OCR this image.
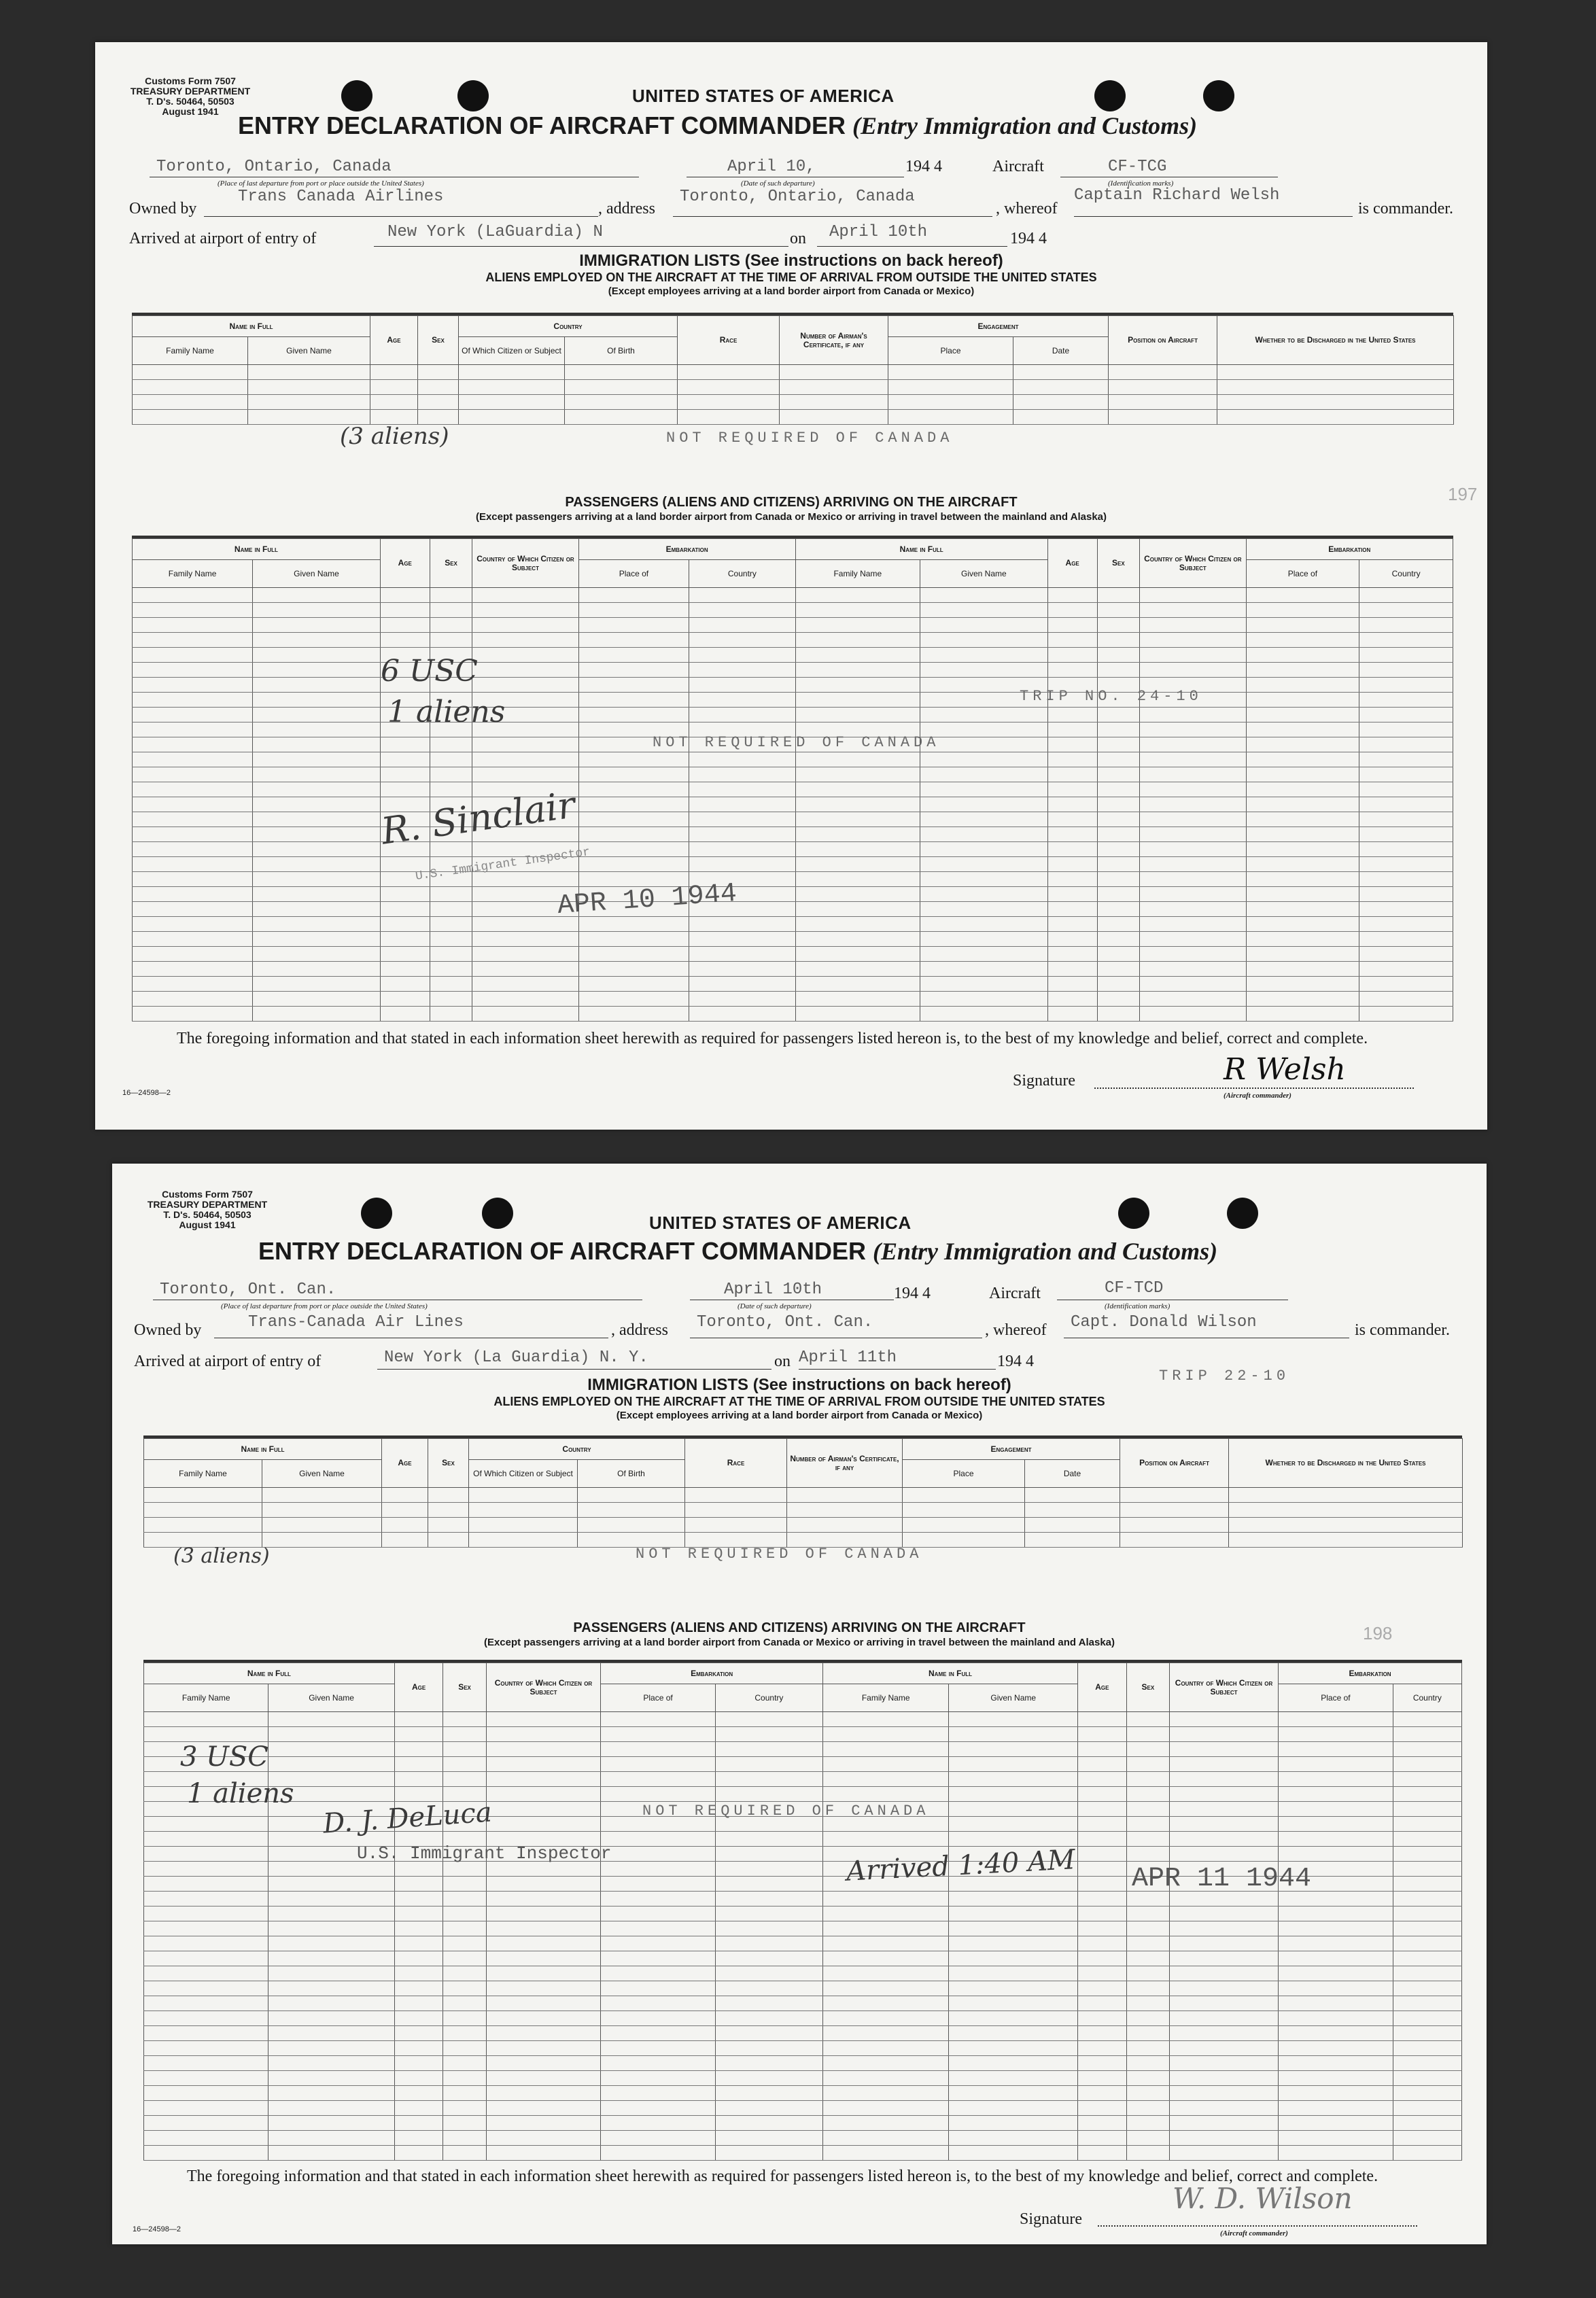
Customs Form 7507
TREASURY DEPARTMENT
T. D's. 50464, 50503
August 1941
UNITED STATES OF AMERICA
ENTRY DECLARATION OF AIRCRAFT COMMANDER (Entry Immigration and Customs)
Toronto, Ontario, Canada
(Place of last departure from port or place outside the United States)
April 10,
(Date of such departure)
194 4	Aircraft	CF-TCG
(Identification marks)
Owned by
Trans Canada Airlines
, address
Toronto, Ontario, Canada
, whereof
Captain Richard Welsh
is commander.
Arrived at airport of entry of	New York (LaGuardia) N	on April 10th	194 4
IMMIGRATION LISTS (See instructions on back hereof)
ALIENS EMPLOYED ON THE AIRCRAFT AT THE TIME OF ARRIVAL FROM OUTSIDE THE UNITED STATES
(Except employees arriving at a land border airport from Canada or Mexico)
Name in Full		Age	Sex	Country		Race	Number of Airman's Certificate, if any	Engagement		Position on Aircraft	Whether to be Discharged in the United States
Family Name	Given Name			Of Which Citizen or Subject	Of Birth			Place	Date		

(3 aliens)	NOT REQUIRED OF CANADA
197
PASSENGERS (ALIENS AND CITIZENS) ARRIVING ON THE AIRCRAFT
(Except passengers arriving at a land border airport from Canada or Mexico or arriving in travel between the mainland and Alaska)
Name in Full		Age	Sex	Country of Which Citizen or Subject	Embarkation		Name in Full		Age	Sex	Country of Which Citizen or Subject	Embarkation	
Family Name	Given Name				Place of	Country	Family Name	Given Name				Place of	Country

6 USC
1 aliens
NOT REQUIRED OF CANADA
TRIP NO. 24-10
R. Sinclair
U.S. Immigrant Inspector
APR 10 1944
The foregoing information and that stated in each information sheet herewith as required for passengers listed hereon is, to the best of my knowledge and belief, correct and complete.
16—24598—2
Signature	R Welsh
(Aircraft commander)
Customs Form 7507
TREASURY DEPARTMENT
T. D's. 50464, 50503
August 1941	UNITED STATES OF AMERICA
ENTRY DECLARATION OF AIRCRAFT COMMANDER (Entry Immigration and Customs)
Toronto, Ont. Can.
(Place of last departure from port or place outside the United States)
April 10th
(Date of such departure)
194 4	Aircraft	CF-TCD
(Identification marks)
Owned by	Trans-Canada Air Lines	, address Toronto, Ont. Can.	, whereof Capt. Donald Wilson	is commander.
Arrived at airport of entry of	New York (La Guardia) N. Y.	on April 11th	194 4
TRIP 22-10
IMMIGRATION LISTS (See instructions on back hereof)
ALIENS EMPLOYED ON THE AIRCRAFT AT THE TIME OF ARRIVAL FROM OUTSIDE THE UNITED STATES
(Except employees arriving at a land border airport from Canada or Mexico)
Name in Full		Age	Sex	Country		Race	Number of Airman's Certificate, if any	Engagement		Position on Aircraft	Whether to be Discharged in the United States
Family Name	Given Name			Of Which Citizen or Subject	Of Birth			Place	Date		

(3 aliens)	NOT REQUIRED OF CANADA
198
PASSENGERS (ALIENS AND CITIZENS) ARRIVING ON THE AIRCRAFT
(Except passengers arriving at a land border airport from Canada or Mexico or arriving in travel between the mainland and Alaska)
Name in Full		Age	Sex	Country of Which Citizen or Subject	Embarkation		Name in Full		Age	Sex	Country of Which Citizen or Subject	Embarkation	
Family Name	Given Name				Place of	Country	Family Name	Given Name				Place of	Country

3 USC
1 aliens
NOT REQUIRED OF CANADA
D. J. DeLuca
U.S. Immigrant Inspector	Arrived 1:40 AM APR 11 1944
The foregoing information and that stated in each information sheet herewith as required for passengers listed hereon is, to the best of my knowledge and belief, correct and complete.
16—24598—2
Signature
W. D. Wilson
(Aircraft commander)
